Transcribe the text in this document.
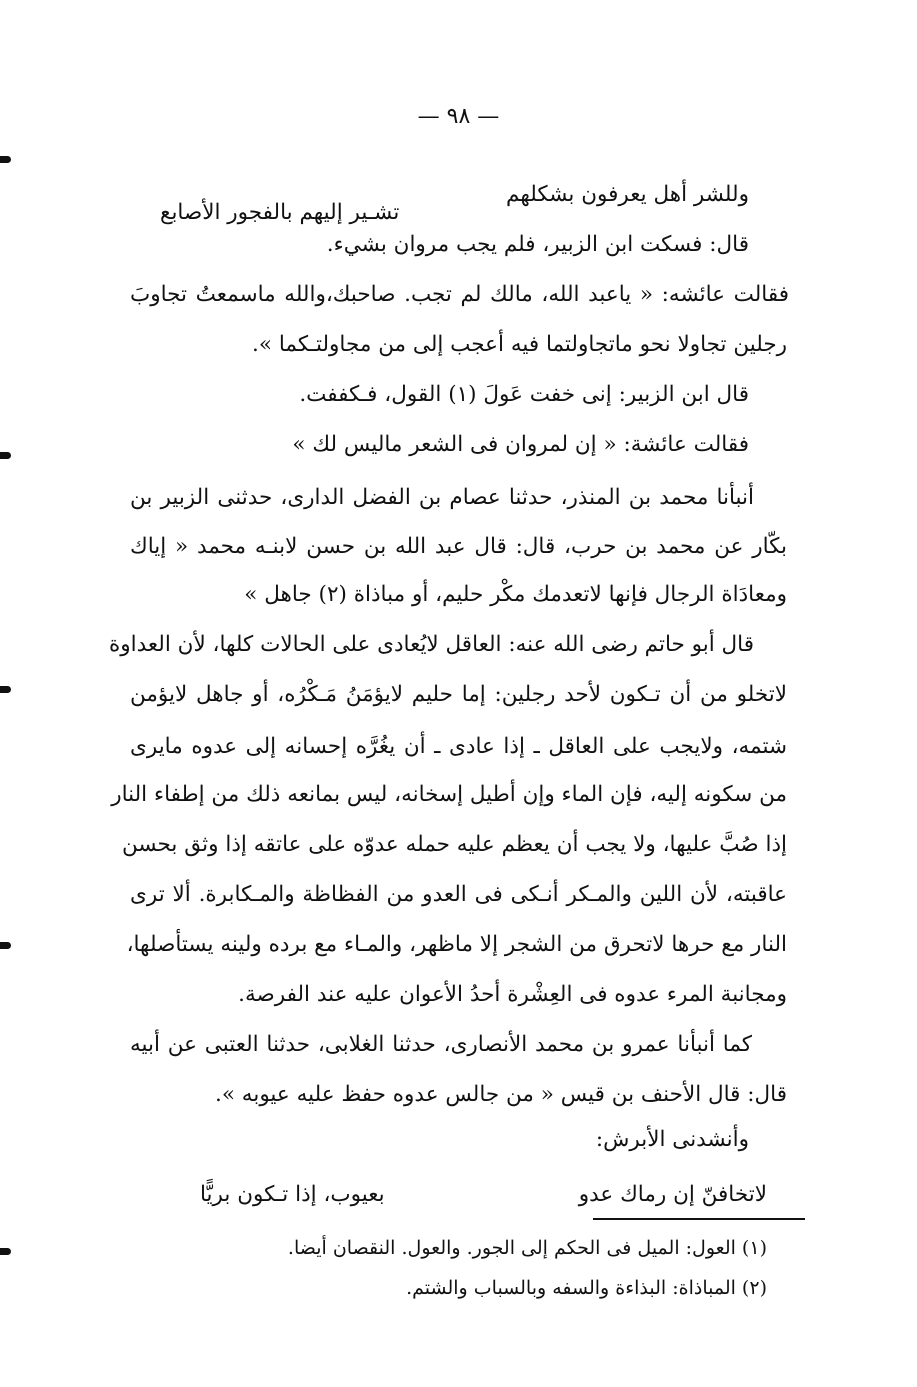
— ٩٨ —
وللشر أهل يعرفون بشكلهم
تشـير إليهم بالفجور الأصابع
قال: فسكت ابن الزبير، فلم يجب مروان بشيء.
فقالت عائشه: « ياعبد الله، مالك لم تجب. صاحبك،والله ماسمعتُ تجاوبَ
رجلين تجاولا نحو ماتجاولتما فيه أعجب إلى من مجاولتـكما ».
قال ابن الزبير: إنى خفت عَولَ (١) القول، فـكففت.
فقالت عائشة: « إن لمروان فى الشعر ماليس لك »
أنبأنا محمد بن المنذر، حدثنا عصام بن الفضل الدارى، حدثنى الزبير بن
بكّار عن محمد بن حرب، قال: قال عبد الله بن حسن لابنـه محمد « إياك
ومعادَاة الرجال فإنها لاتعدمك مكْر حليم، أو مباذاة (٢) جاهل »
قال أبو حاتم رضى الله عنه: العاقل لايُعادى على الحالات كلها، لأن العداوة
لاتخلو من أن تـكون لأحد رجلين: إما حليم لايؤمَنُ مَـكْرُه، أو جاهل لايؤمن
شتمه، ولايجب على العاقل ـ إذا عادى ـ أن يغُرَّه إحسانه إلى عدوه مايرى
من سكونه إليه، فإن الماء وإن أطيل إسخانه، ليس بمانعه ذلك من إطفاء النار
إذا صُبَّ عليها، ولا يجب أن يعظم عليه حمله عدوّه على عاتقه إذا وثق بحسن
عاقبته، لأن اللين والمـكر أنـكى فى العدو من الفظاظة والمـكابرة. ألا ترى
النار مع حرها لاتحرق من الشجر إلا ماظهر، والمـاء مع برده ولينه يستأصلها،
ومجانبة المرء عدوه فى العِشْرة أحدُ الأعوان عليه عند الفرصة.
كما أنبأنا عمرو بن محمد الأنصارى، حدثنا الغلابى، حدثنا العتبى عن أبيه
قال: قال الأحنف بن قيس « من جالس عدوه حفظ عليه عيوبه ».
وأنشدنى الأبرش:
لاتخافنّ إن رماك عدو
بعيوب، إذا تـكون بريًّا
(١) العول: الميل فى الحكم إلى الجور. والعول. النقصان أيضا.
(٢) المباذاة: البذاءة والسفه وبالسباب والشتم.
